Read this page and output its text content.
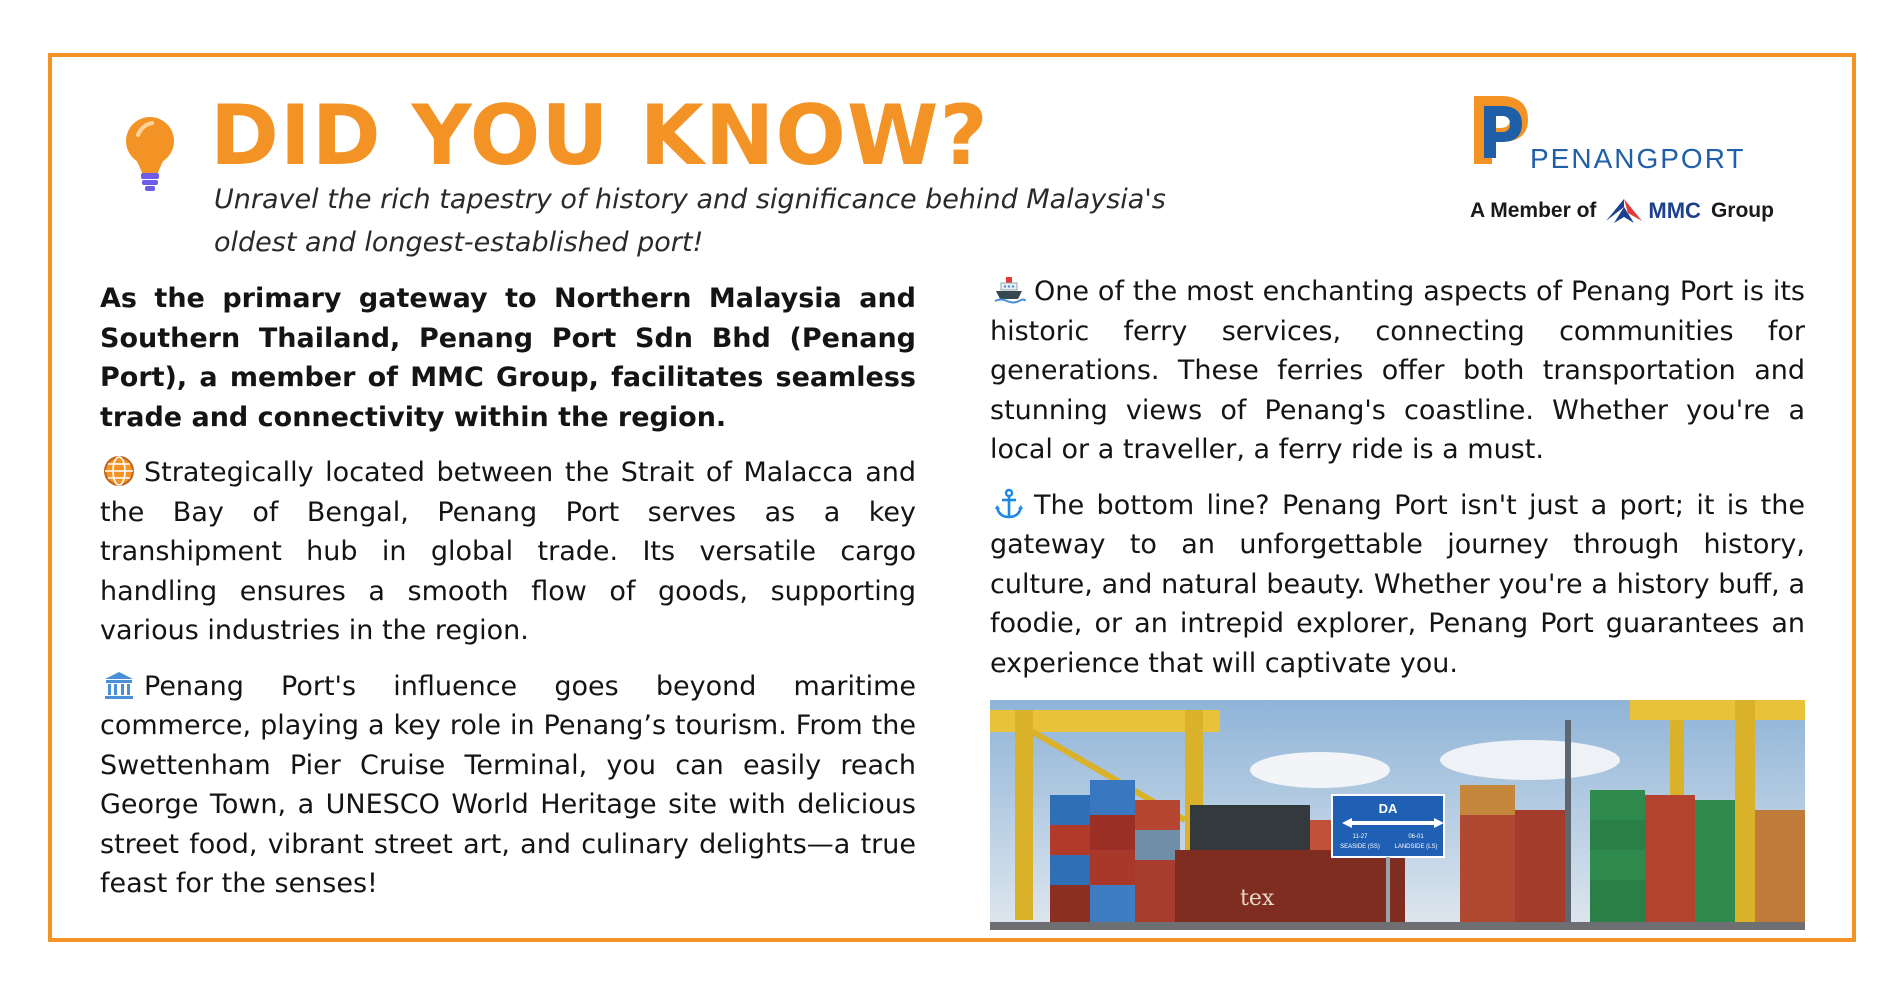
DID YOU KNOW?
Unravel the rich tapestry of history and significance behind Malaysia's
oldest and longest-established port!
PENANGPORT
A Member of MMC Group

As the primary gateway to Northern Malaysia and Southern Thailand, Penang Port Sdn Bhd (Penang Port), a member of MMC Group, facilitates seamless trade and connectivity within the region.

Strategically located between the Strait of Malacca and the Bay of Bengal, Penang Port serves as a key transhipment hub in global trade. Its versatile cargo handling ensures a smooth flow of goods, supporting various industries in the region.

Penang Port's influence goes beyond maritime commerce, playing a key role in Penang’s tourism. From the Swettenham Pier Cruise Terminal, you can easily reach George Town, a UNESCO World Heritage site with delicious street food, vibrant street art, and culinary delights—a true feast for the senses!

One of the most enchanting aspects of Penang Port is its historic ferry services, connecting communities for generations. These ferries offer both transportation and stunning views of Penang's coastline. Whether you're a local or a traveller, a ferry ride is a must.

The bottom line? Penang Port isn't just a port; it is the gateway to an unforgettable journey through history, culture, and natural beauty. Whether you're a history buff, a foodie, or an intrepid explorer, Penang Port guarantees an experience that will captivate you.

tex
DA
11-27	06-01
SEASIDE (SS) LANDSIDE (LS)
